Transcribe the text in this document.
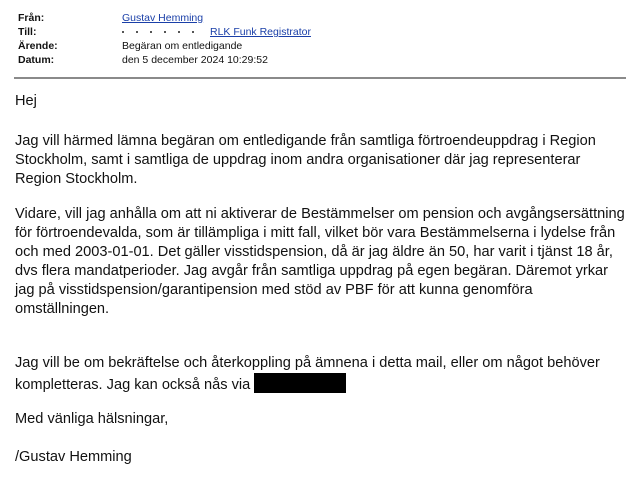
Från:	Gustav Hemming
Till:	RLK Funk Registrator
Ärende:	Begäran om entledigande
Datum:	den 5 december 2024 10:29:52

Hej

Jag vill härmed lämna begäran om entledigande från samtliga förtroendeuppdrag i Region Stockholm, samt i samtliga de uppdrag inom andra organisationer där jag representerar Region Stockholm.

Vidare, vill jag anhålla om att ni aktiverar de Bestämmelser om pension och avgångsersättning för förtroendevalda, som är tillämpliga i mitt fall, vilket bör vara Bestämmelserna i lydelse från och med 2003-01-01. Det gäller visstidspension, då är jag äldre än 50, har varit i tjänst 18 år, dvs flera mandatperioder. Jag avgår från samtliga uppdrag på egen begäran. Däremot yrkar jag på visstidspension/garantipension med stöd av PBF för att kunna genomföra omställningen.

Jag vill be om bekräftelse och återkoppling på ämnena i detta mail, eller om något behöver kompletteras. Jag kan också nås via

Med vänliga hälsningar,

/Gustav Hemming
